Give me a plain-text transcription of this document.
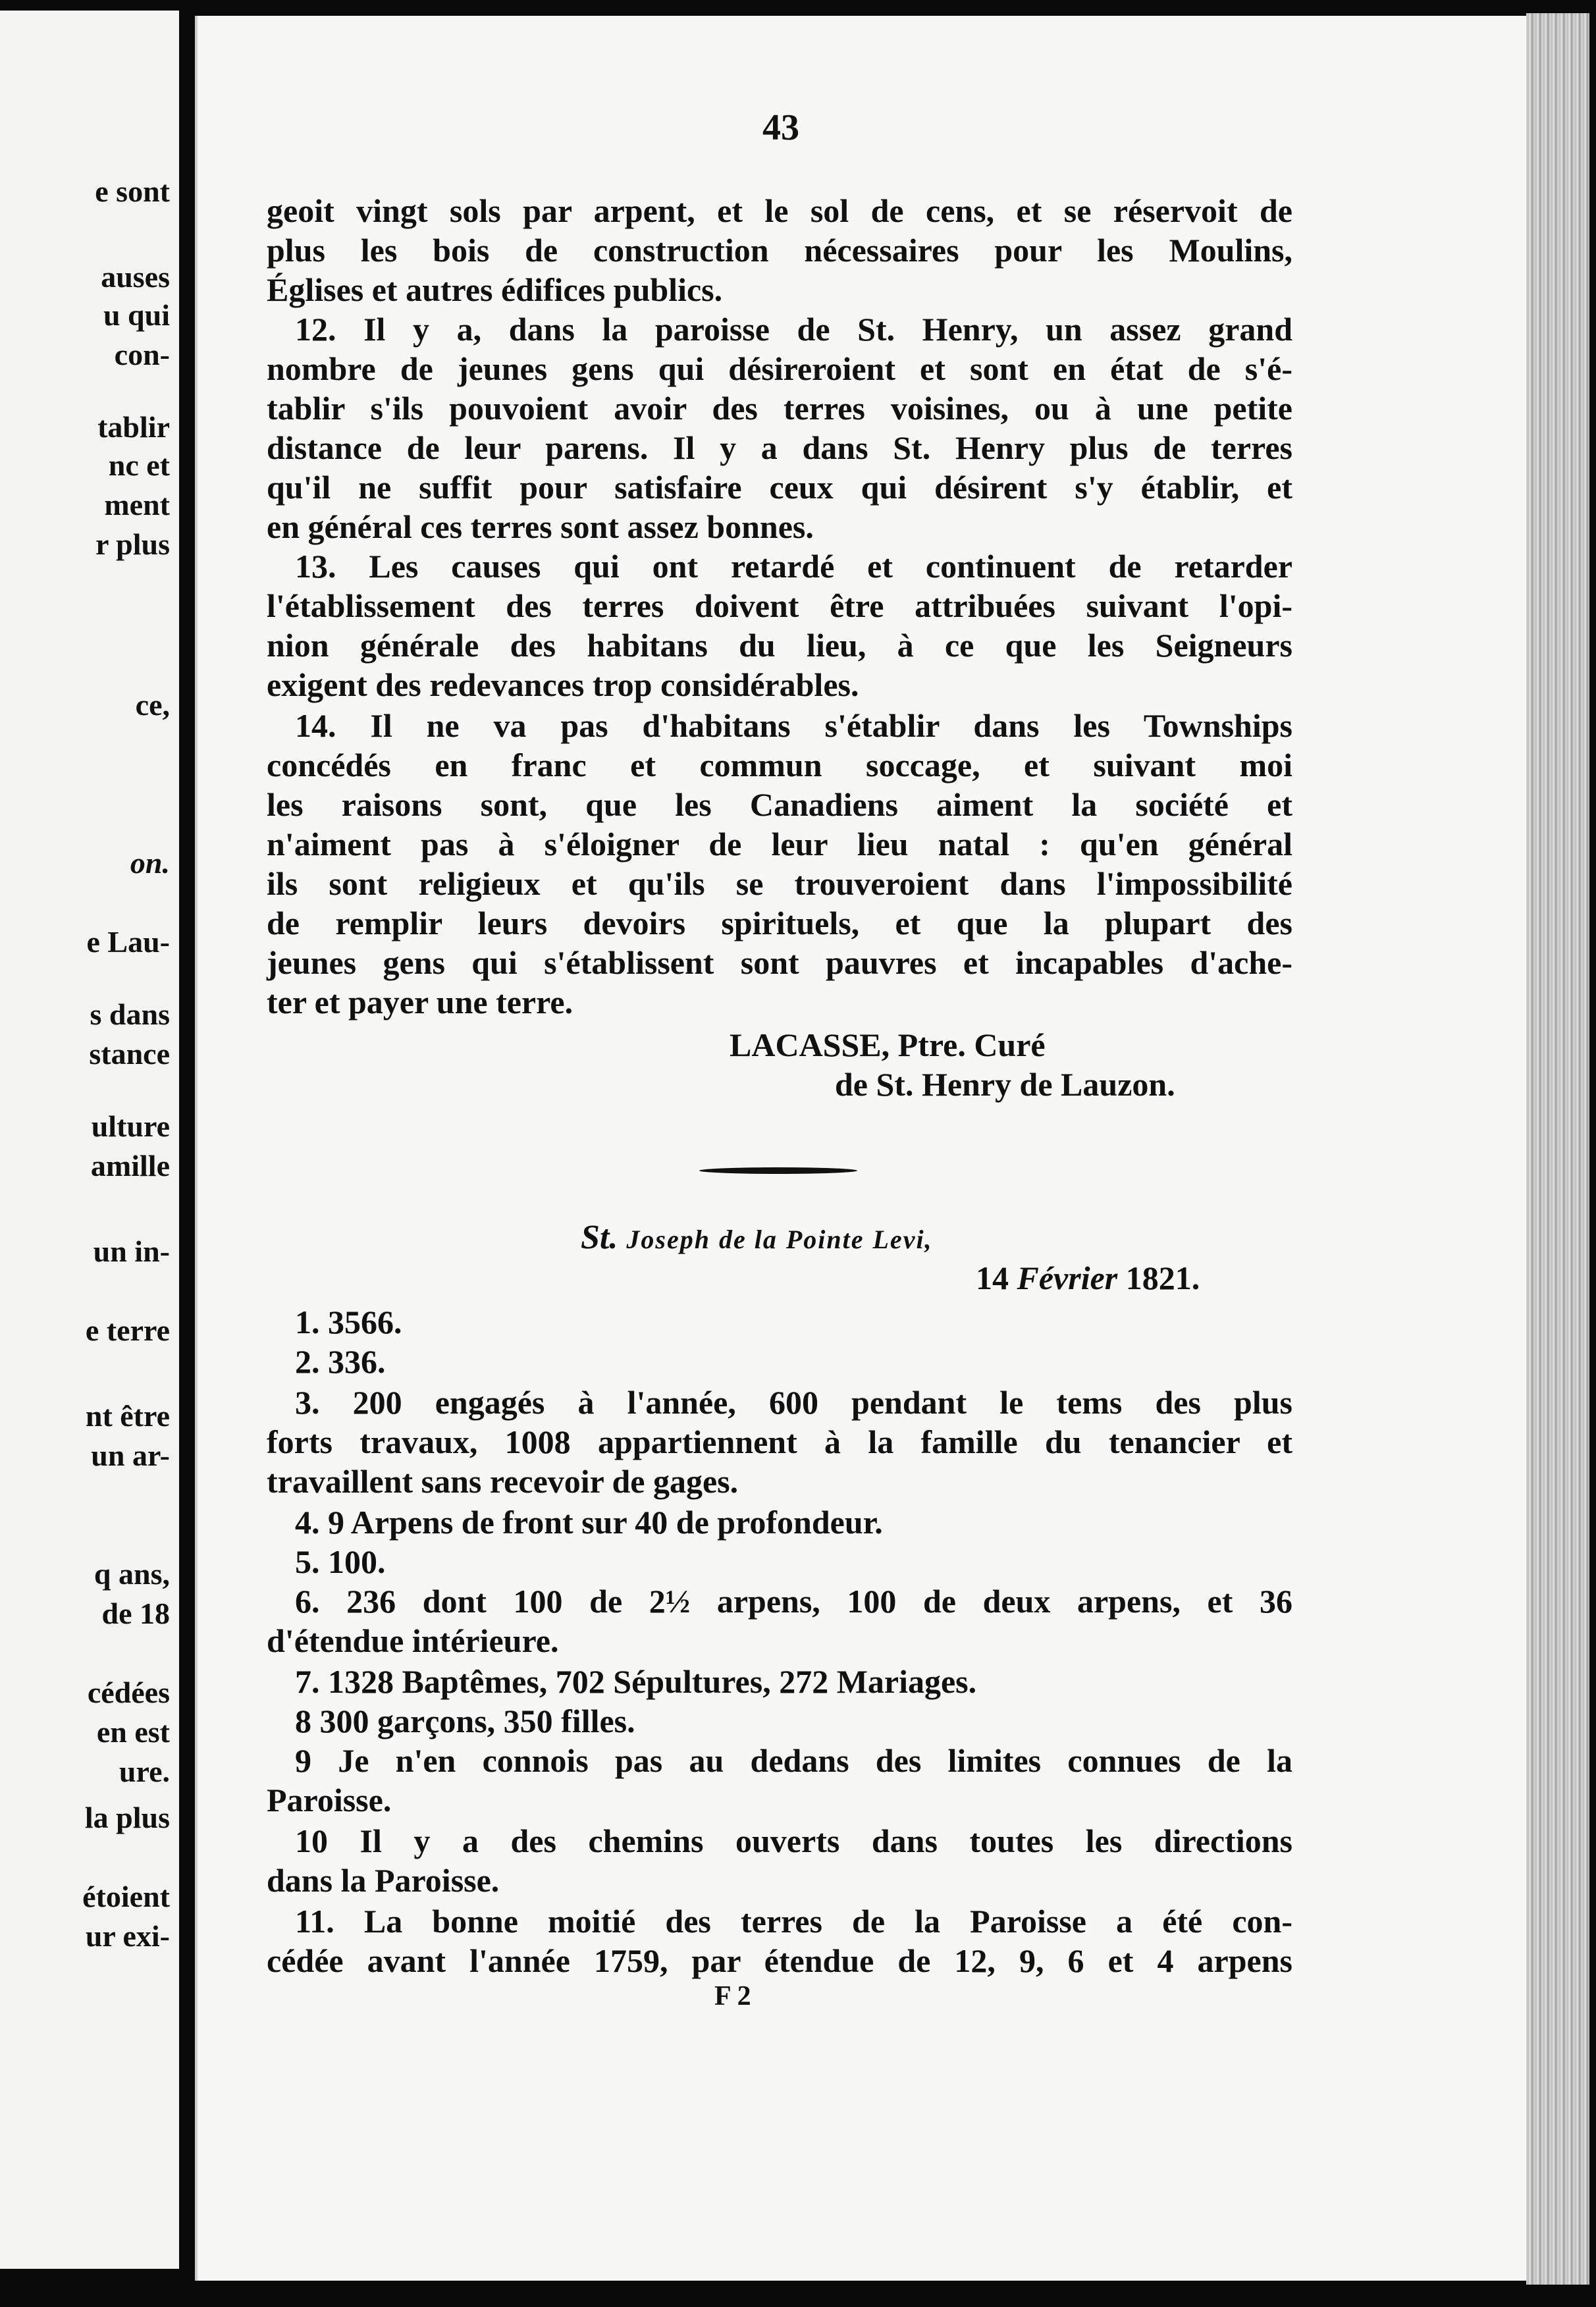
e sont
auses
u qui
con-
tablir
nc et
ment
r plus
ce,
on.
e Lau-
s dans
stance
ulture
amille
un in-
e terre
nt être
un ar-
q ans,
de 18
cédées
en est
ure.
la plus
étoient
ur exi-
43
geoit vingt sols par arpent, et le sol de cens, et se réservoit de
plus les bois de construction nécessaires pour les Moulins,
Églises et autres édifices publics.
12. Il y a, dans la paroisse de St. Henry, un assez grand
nombre de jeunes gens qui désireroient et sont en état de s'é-
tablir s'ils pouvoient avoir des terres voisines, ou à une petite
distance de leur parens. Il y a dans St. Henry plus de terres
qu'il ne suffit pour satisfaire ceux qui désirent s'y établir, et
en général ces terres sont assez bonnes.
13. Les causes qui ont retardé et continuent de retarder
l'établissement des terres doivent être attribuées suivant l'opi-
nion générale des habitans du lieu, à ce que les Seigneurs
exigent des redevances trop considérables.
14. Il ne va pas d'habitans s'établir dans les Townships
concédés en franc et commun soccage, et suivant moi
les raisons sont, que les Canadiens aiment la société et
n'aiment pas à s'éloigner de leur lieu natal : qu'en général
ils sont religieux et qu'ils se trouveroient dans l'impossibilité
de remplir leurs devoirs spirituels, et que la plupart des
jeunes gens qui s'établissent sont pauvres et incapables d'ache-
ter et payer une terre.
LACASSE, Ptre. Curé
de St. Henry de Lauzon.
St. Joseph de la Pointe Levi,
14 Février 1821.
1. 3566.
2. 336.
3. 200 engagés à l'année, 600 pendant le tems des plus
forts travaux, 1008 appartiennent à la famille du tenancier et
travaillent sans recevoir de gages.
4. 9 Arpens de front sur 40 de profondeur.
5. 100.
6. 236 dont 100 de 2½ arpens, 100 de deux arpens, et 36
d'étendue intérieure.
7. 1328 Baptêmes, 702 Sépultures, 272 Mariages.
8 300 garçons, 350 filles.
9 Je n'en connois pas au dedans des limites connues de la
Paroisse.
10 Il y a des chemins ouverts dans toutes les directions
dans la Paroisse.
11. La bonne moitié des terres de la Paroisse a été con-
cédée avant l'année 1759, par étendue de 12, 9, 6 et 4 arpens
F 2
